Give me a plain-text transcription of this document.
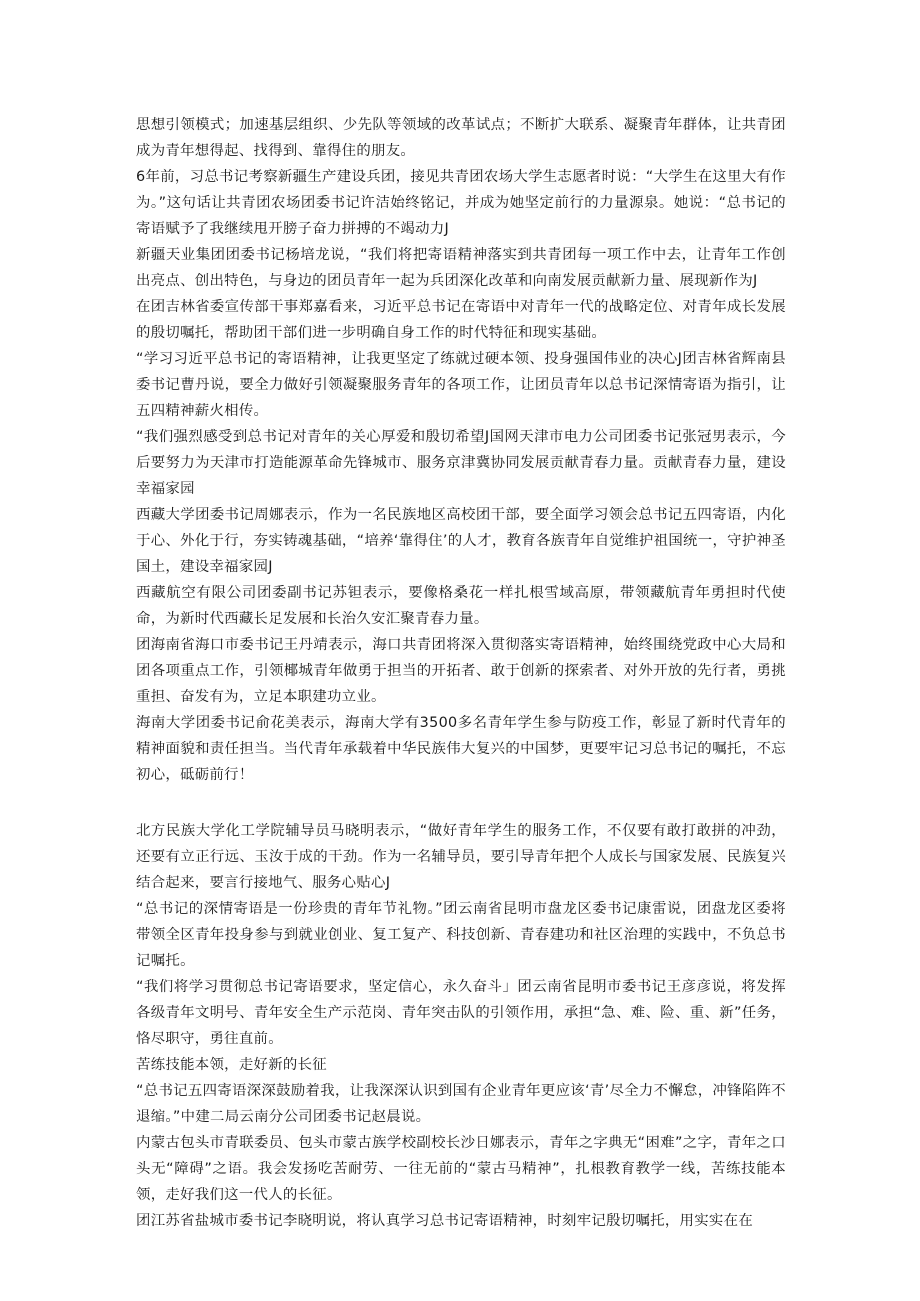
思想引领模式；加速基层组织、少先队等领域的改革试点；不断扩大联系、凝聚青年群体，让共青团成为青年想得起、找得到、靠得住的朋友。

6年前，习总书记考察新疆生产建设兵团，接见共青团农场大学生志愿者时说：“大学生在这里大有作为。”这句话让共青团农场团委书记许洁始终铭记，并成为她坚定前行的力量源泉。她说：“总书记的寄语赋予了我继续甩开膀子奋力拼搏的不竭动力J

新疆天业集团团委书记杨培龙说，“我们将把寄语精神落实到共青团每一项工作中去，让青年工作创出亮点、创出特色，与身边的团员青年一起为兵团深化改革和向南发展贡献新力量、展现新作为J

在团吉林省委宣传部干事郑嘉看来，习近平总书记在寄语中对青年一代的战略定位、对青年成长发展的殷切嘱托，帮助团干部们进一步明确自身工作的时代特征和现实基础。

“学习习近平总书记的寄语精神，让我更坚定了练就过硬本领、投身强国伟业的决心J团吉林省辉南县委书记曹丹说，要全力做好引领凝聚服务青年的各项工作，让团员青年以总书记深情寄语为指引，让五四精神薪火相传。

“我们强烈感受到总书记对青年的关心厚爱和殷切希望J国网天津市电力公司团委书记张冠男表示，今后要努力为天津市打造能源革命先锋城市、服务京津冀协同发展贡献青春力量。贡献青春力量，建设幸福家园

西藏大学团委书记周娜表示，作为一名民族地区高校团干部，要全面学习领会总书记五四寄语，内化于心、外化于行，夯实铸魂基础，“培养‘靠得住’的人才，教育各族青年自觉维护祖国统一，守护神圣国土，建设幸福家园J

西藏航空有限公司团委副书记苏钽表示，要像格桑花一样扎根雪域高原，带领藏航青年勇担时代使命，为新时代西藏长足发展和长治久安汇聚青春力量。

团海南省海口市委书记王丹靖表示，海口共青团将深入贯彻落实寄语精神，始终围绕党政中心大局和团各项重点工作，引领椰城青年做勇于担当的开拓者、敢于创新的探索者、对外开放的先行者，勇挑重担、奋发有为，立足本职建功立业。

海南大学团委书记俞花美表示，海南大学有3500多名青年学生参与防疫工作，彰显了新时代青年的精神面貌和责任担当。当代青年承载着中华民族伟大复兴的中国梦，更要牢记习总书记的嘱托，不忘初心，砥砺前行！

北方民族大学化工学院辅导员马晓明表示，“做好青年学生的服务工作，不仅要有敢打敢拼的冲劲，还要有立正行远、玉汝于成的干劲。作为一名辅导员，要引导青年把个人成长与国家发展、民族复兴结合起来，要言行接地气、服务心贴心J

“总书记的深情寄语是一份珍贵的青年节礼物。”团云南省昆明市盘龙区委书记康雷说，团盘龙区委将带领全区青年投身参与到就业创业、复工复产、科技创新、青春建功和社区治理的实践中，不负总书记嘱托。

“我们将学习贯彻总书记寄语要求，坚定信心，永久奋斗」团云南省昆明市委书记王彦彦说，将发挥各级青年文明号、青年安全生产示范岗、青年突击队的引领作用，承担“急、难、险、重、新”任务，恪尽职守，勇往直前。

苦练技能本领，走好新的长征

“总书记五四寄语深深鼓励着我，让我深深认识到国有企业青年更应该‘青’尽全力不懈怠，冲锋陷阵不退缩。”中建二局云南分公司团委书记赵晨说。

内蒙古包头市青联委员、包头市蒙古族学校副校长沙日娜表示，青年之字典无“困难”之字，青年之口头无“障碍”之语。我会发扬吃苦耐劳、一往无前的“蒙古马精神”，扎根教育教学一线，苦练技能本领，走好我们这一代人的长征。

团江苏省盐城市委书记李晓明说，将认真学习总书记寄语精神，时刻牢记殷切嘱托，用实实在在
